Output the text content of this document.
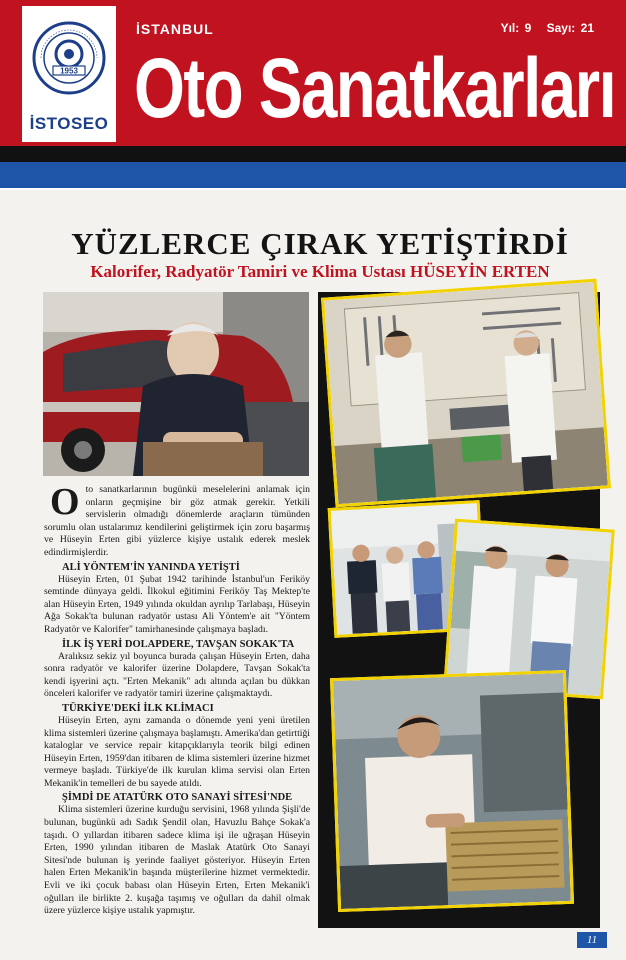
1953
İSTOSEO
İSTANBUL	Yıl: 9 Sayı: 21
Oto Sanatkarları
YÜZLERCE ÇIRAK YETİŞTİRDİ
Kalorifer, Radyatör Tamiri ve Klima Ustası HÜSEYİN ERTEN

Oto sanatkarlarının bugünkü meselelerini anlamak için onların geçmişine bir göz atmak gerekir. Yetkili servislerin olmadığı dönemlerde araçların tümünden sorumlu olan ustalarımız kendilerini geliştirmek için zoru başarmış ve Hüseyin Erten gibi yüzlerce kişiye ustalık ederek meslek edindirmişlerdir.

ALİ YÖNTEM'İN YANINDA YETİŞTİ

Hüseyin Erten, 01 Şubat 1942 tarihinde İstanbul'un Feriköy semtinde dünyaya geldi. İlkokul eğitimini Feriköy Taş Mektep'te alan Hüseyin Erten, 1949 yılında okuldan ayrılıp Tarlabaşı, Hüseyin Ağa Sokak'ta bulunan radyatör ustası Ali Yöntem'e ait "Yöntem Radyatör ve Kalorifer" tamirhanesinde çalışmaya başladı.

İLK İŞ YERİ DOLAPDERE, TAVŞAN SOKAK'TA

Aralıksız sekiz yıl boyunca burada çalışan Hüseyin Erten, daha sonra radyatör ve kalorifer üzerine Dolapdere, Tavşan Sokak'ta kendi işyerini açtı. "Erten Mekanik" adı altında açılan bu dükkan önceleri kalorifer ve radyatör tamiri üzerine çalışmaktaydı.

TÜRKİYE'DEKİ İLK KLİMACI

Hüseyin Erten, aynı zamanda o dönemde yeni yeni üretilen klima sistemleri üzerine çalışmaya başlamıştı. Amerika'dan getirttiği kataloglar ve service repair kitapçıklarıyla teorik bilgi edinen Hüseyin Erten, 1959'dan itibaren de klima sistemleri üzerine hizmet vermeye başladı. Türkiye'de ilk kurulan klima servisi olan Erten Mekanik'in temelleri de bu sayede atıldı.

ŞİMDİ DE ATATÜRK OTO SANAYİ SİTESİ'NDE

Klima sistemleri üzerine kurduğu servisini, 1968 yılında Şişli'de bulunan, bugünkü adı Sadık Şendil olan, Havuzlu Bahçe Sokak'a taşıdı. O yıllardan itibaren sadece klima işi ile uğraşan Hüseyin Erten, 1990 yılından itibaren de Maslak Atatürk Oto Sanayi Sitesi'nde bulunan iş yerinde faaliyet gösteriyor. Hüseyin Erten halen Erten Mekanik'in başında müşterilerine hizmet vermektedir. Evli ve iki çocuk babası olan Hüseyin Erten, Erten Mekanik'i oğulları ile birlikte 2. kuşağa taşımış ve oğulları da dahil olmak üzere yüzlerce kişiye ustalık yapmıştır.

11
